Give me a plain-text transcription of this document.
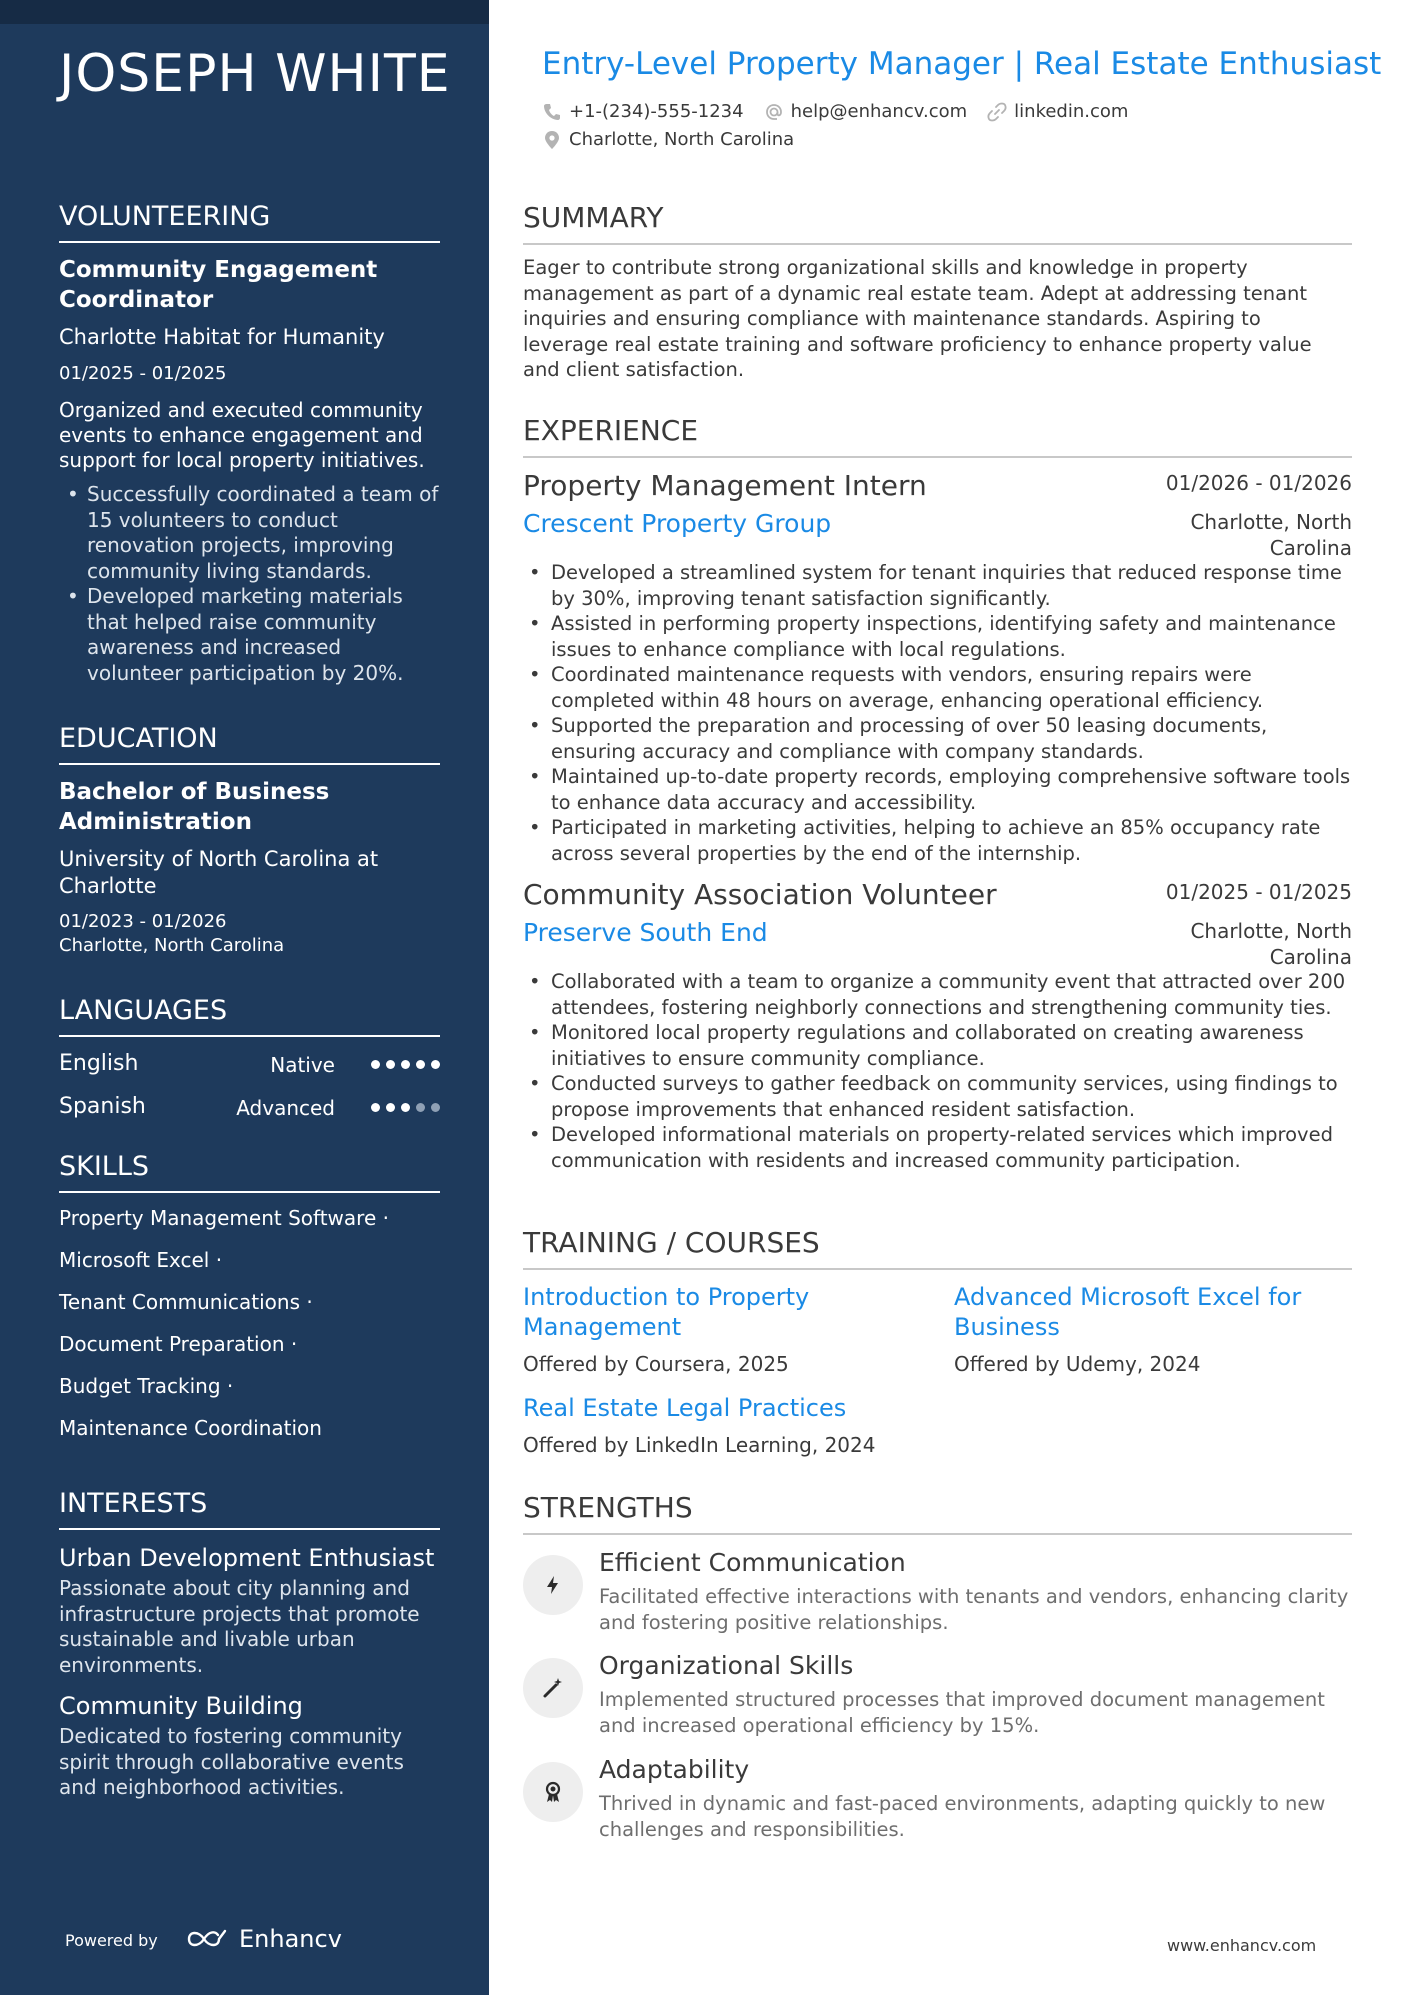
JOSEPH WHITE
VOLUNTEERING
Community Engagement Coordinator
Charlotte Habitat for Humanity
01/2025 - 01/2025
Organized and executed community events to enhance engagement and support for local property initiatives.
• Successfully coordinated a team of 15 volunteers to conduct renovation projects, improving community living standards.
• Developed marketing materials that helped raise community awareness and increased volunteer participation by 20%.
EDUCATION
Bachelor of Business Administration
University of North Carolina at Charlotte
01/2023 - 01/2026
Charlotte, North Carolina
LANGUAGES
English	Native
Spanish	Advanced
SKILLS
Property Management Software ·
Microsoft Excel ·
Tenant Communications ·
Document Preparation ·
Budget Tracking ·
Maintenance Coordination
INTERESTS
Urban Development Enthusiast
Passionate about city planning and infrastructure projects that promote sustainable and livable urban environments.
Community Building
Dedicated to fostering community spirit through collaborative events and neighborhood activities.
Powered by	Enhancv
Entry-Level Property Manager | Real Estate Enthusiast
+1-(234)-555-1234	help@enhancv.com	linkedin.com
Charlotte, North Carolina
SUMMARY
Eager to contribute strong organizational skills and knowledge in property management as part of a dynamic real estate team. Adept at addressing tenant inquiries and ensuring compliance with maintenance standards. Aspiring to leverage real estate training and software proficiency to enhance property value and client satisfaction.
EXPERIENCE
Property Management Intern	01/2026 - 01/2026
Crescent Property Group	Charlotte, North Carolina
• Developed a streamlined system for tenant inquiries that reduced response time by 30%, improving tenant satisfaction significantly.
• Assisted in performing property inspections, identifying safety and maintenance issues to enhance compliance with local regulations.
• Coordinated maintenance requests with vendors, ensuring repairs were completed within 48 hours on average, enhancing operational efficiency.
• Supported the preparation and processing of over 50 leasing documents, ensuring accuracy and compliance with company standards.
• Maintained up-to-date property records, employing comprehensive software tools to enhance data accuracy and accessibility.
• Participated in marketing activities, helping to achieve an 85% occupancy rate across several properties by the end of the internship.
Community Association Volunteer	01/2025 - 01/2025
Preserve South End	Charlotte, North Carolina
• Collaborated with a team to organize a community event that attracted over 200 attendees, fostering neighborly connections and strengthening community ties.
• Monitored local property regulations and collaborated on creating awareness initiatives to ensure community compliance.
• Conducted surveys to gather feedback on community services, using findings to propose improvements that enhanced resident satisfaction.
• Developed informational materials on property-related services which improved communication with residents and increased community participation.
TRAINING / COURSES
Introduction to Property Management
Offered by Coursera, 2025
Advanced Microsoft Excel for Business
Offered by Udemy, 2024
Real Estate Legal Practices
Offered by LinkedIn Learning, 2024
STRENGTHS
Efficient Communication
Facilitated effective interactions with tenants and vendors, enhancing clarity and fostering positive relationships.
Organizational Skills
Implemented structured processes that improved document management and increased operational efficiency by 15%.
Adaptability
Thrived in dynamic and fast-paced environments, adapting quickly to new challenges and responsibilities.
www.enhancv.com
